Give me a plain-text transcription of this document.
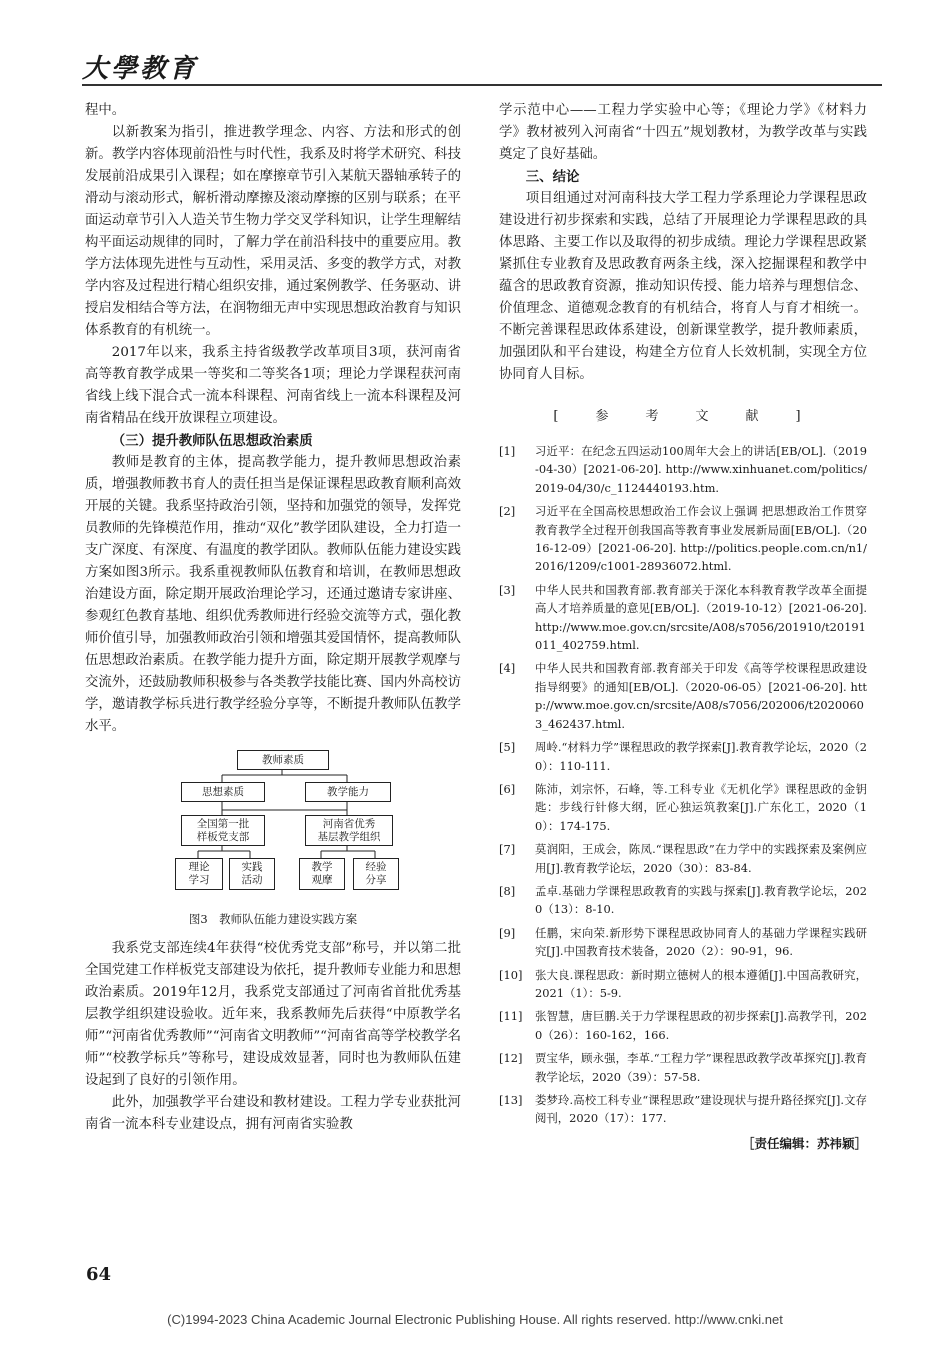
大學教育

程中。

以新教案为指引，推进教学理念、内容、方法和形式的创新。教学内容体现前沿性与时代性，我系及时将学术研究、科技发展前沿成果引入课程；如在摩擦章节引入某航天器轴承转子的滑动与滚动形式，解析滑动摩擦及滚动摩擦的区别与联系；在平面运动章节引入人造关节生物力学交叉学科知识，让学生理解结构平面运动规律的同时，了解力学在前沿科技中的重要应用。教学方法体现先进性与互动性，采用灵活、多变的教学方式，对教学内容及过程进行精心组织安排，通过案例教学、任务驱动、讲授启发相结合等方法，在润物细无声中实现思想政治教育与知识体系教育的有机统一。

2017年以来，我系主持省级教学改革项目3项，获河南省高等教育教学成果一等奖和二等奖各1项；理论力学课程获河南省线上线下混合式一流本科课程、河南省线上一流本科课程及河南省精品在线开放课程立项建设。

（三）提升教师队伍思想政治素质

教师是教育的主体，提高教学能力，提升教师思想政治素质，增强教师教书育人的责任担当是保证课程思政教育顺利高效开展的关键。我系坚持政治引领，坚持和加强党的领导，发挥党员教师的先锋模范作用，推动“双化”教学团队建设，全力打造一支广深度、有深度、有温度的教学团队。教师队伍能力建设实践方案如图3所示。我系重视教师队伍教育和培训，在教师思想政治建设方面，除定期开展政治理论学习，还通过邀请专家讲座、参观红色教育基地、组织优秀教师进行经验交流等方式，强化教师价值引导，加强教师政治引领和增强其爱国情怀，提高教师队伍思想政治素质。在教学能力提升方面，除定期开展教学观摩与交流外，还鼓励教师积极参与各类教学技能比赛、国内外高校访学，邀请教学标兵进行教学经验分享等，不断提升教师队伍教学水平。

教师素质
思想素质	教学能力
全国第一批
样板党支部
河南省优秀
基层教学组织
理论
学习
实践
活动
教学
观摩
经验
分享
图3　教师队伍能力建设实践方案

我系党支部连续4年获得“校优秀党支部”称号，并以第二批全国党建工作样板党支部建设为依托，提升教师专业能力和思想政治素质。2019年12月，我系党支部通过了河南省首批优秀基层教学组织建设验收。近年来，我系教师先后获得“中原教学名师”“河南省优秀教师”“河南省文明教师”“河南省高等学校教学名师”“校教学标兵”等称号，建设成效显著，同时也为教师队伍建设起到了良好的引领作用。

此外，加强教学平台建设和教材建设。工程力学专业获批河南省一流本科专业建设点，拥有河南省实验教

学示范中心——工程力学实验中心等；《理论力学》《材料力学》教材被列入河南省“十四五”规划教材，为教学改革与实践奠定了良好基础。

三、结论

项目组通过对河南科技大学工程力学系理论力学课程思政建设进行初步探索和实践，总结了开展理论力学课程思政的具体思路、主要工作以及取得的初步成绩。理论力学课程思政紧紧抓住专业教育及思政教育两条主线，深入挖掘课程和教学中蕴含的思政教育资源，推动知识传授、能力培养与理想信念、价值理念、道德观念教育的有机结合，将育人与育才相统一。不断完善课程思政体系建设，创新课堂教学，提升教师素质，加强团队和平台建设，构建全方位育人长效机制，实现全方位协同育人目标。

[　参　考　文　献　]
[1]	习近平：在纪念五四运动100周年大会上的讲话[EB/OL].（2019-04-30）[2021-06-20]. http://www.xinhuanet.com/politics/2019-04/30/c_1124440193.htm.
[2]	习近平在全国高校思想政治工作会议上强调 把思想政治工作贯穿教育教学全过程开创我国高等教育事业发展新局面[EB/OL].（2016-12-09）[2021-06-20]. http://politics.people.com.cn/n1/2016/1209/c1001-28936072.html.
[3]	中华人民共和国教育部.教育部关于深化本科教育教学改革全面提高人才培养质量的意见[EB/OL].（2019-10-12）[2021-06-20]. http://www.moe.gov.cn/srcsite/A08/s7056/201910/t20191011_402759.html.
[4]	中华人民共和国教育部.教育部关于印发《高等学校课程思政建设指导纲要》的通知[EB/OL].（2020-06-05）[2021-06-20]. http://www.moe.gov.cn/srcsite/A08/s7056/202006/t20200603_462437.html.
[5]	周岭.“材料力学”课程思政的教学探索[J].教育教学论坛，2020（20）：110-111.
[6]	陈沛，刘宗怀，石峰，等.工科专业《无机化学》课程思政的金钥匙：步线行针修大纲，匠心独运筑教案[J].广东化工，2020（10）：174-175.
[7]	莫润阳，王成会，陈凤.“课程思政”在力学中的实践探索及案例应用[J].教育教学论坛，2020（30）：83-84.
[8]	孟卓.基础力学课程思政教育的实践与探索[J].教育教学论坛，2020（13）：8-10.
[9]	任鹏，宋向荣.新形势下课程思政协同育人的基础力学课程实践研究[J].中国教育技术装备，2020（2）：90-91，96.
[10]	张大良.课程思政：新时期立德树人的根本遵循[J].中国高教研究，2021（1）：5-9.
[11]	张智慧，唐巨鹏.关于力学课程思政的初步探索[J].高教学刊，2020（26）：160-162，166.
[12]	贾宝华，顾永强，李革.“工程力学”课程思政教学改革探究[J].教育教学论坛，2020（39）：57-58.
[13]	娄梦玲.高校工科专业“课程思政”建设现状与提升路径探究[J].文存阅刊，2020（17）：177.
［责任编辑：苏祎颖］
64
(C)1994-2023 China Academic Journal Electronic Publishing House. All rights reserved. http://www.cnki.net
